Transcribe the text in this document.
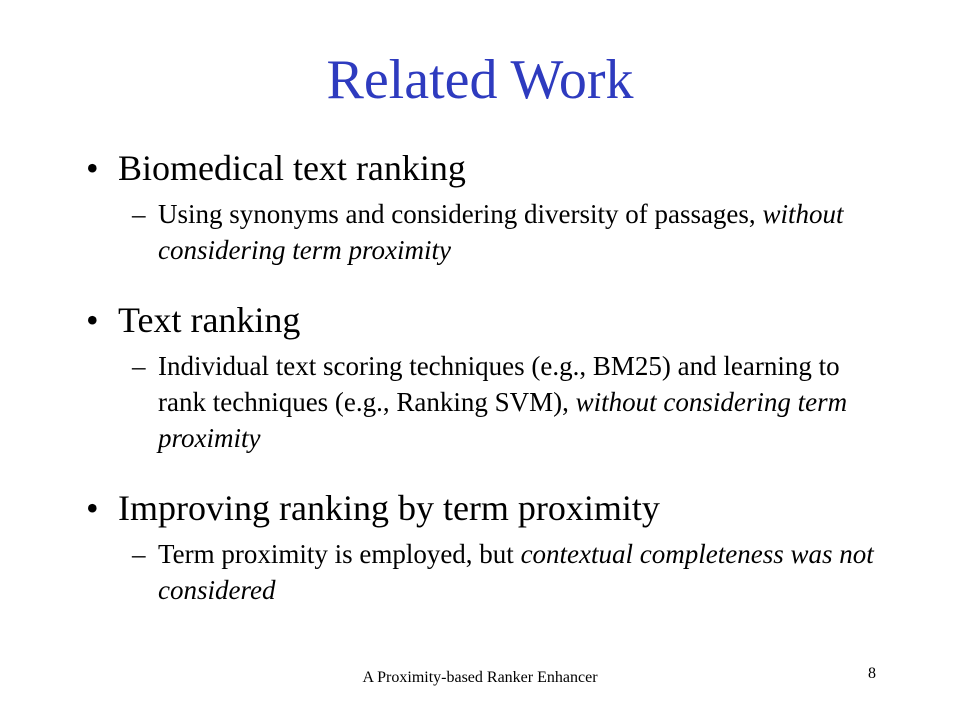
Related Work

• Biomedical text ranking

– Using synonyms and considering diversity of passages, without considering term proximity

• Text ranking

– Individual text scoring techniques (e.g., BM25) and learning to rank techniques (e.g., Ranking SVM), without considering term proximity

• Improving ranking by term proximity

– Term proximity is employed, but contextual completeness was not considered

A Proximity-based Ranker Enhancer	8
